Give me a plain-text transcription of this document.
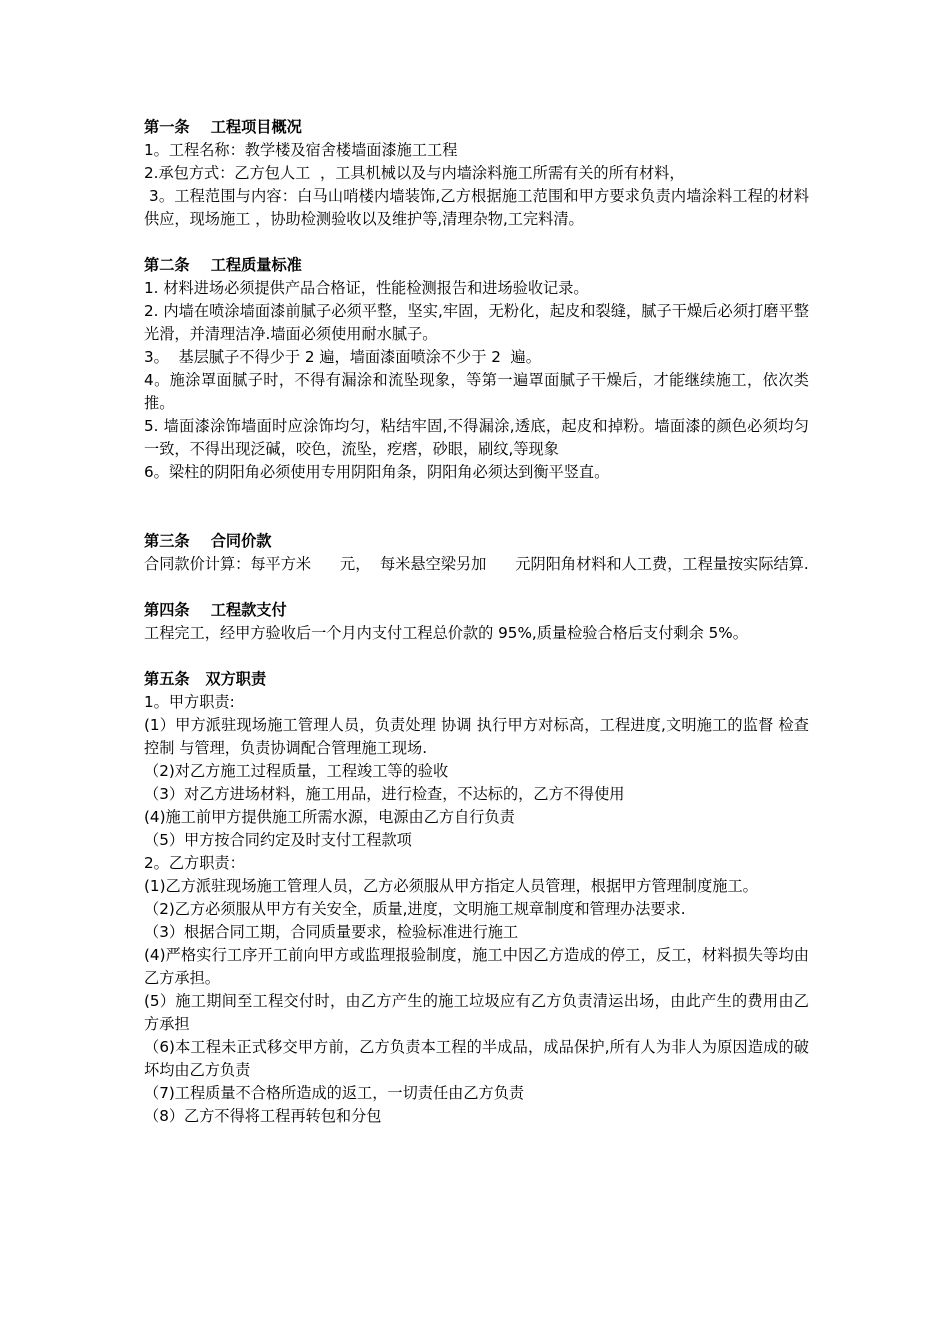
第一条    工程项目概况
1。工程名称：教学楼及宿舍楼墙面漆施工工程
2.承包方式：乙方包人工  ，工具机械以及与内墙涂料施工所需有关的所有材料，
3。工程范围与内容：白马山哨楼内墙装饰,乙方根据施工范围和甲方要求负责内墙涂料工程的材料供应，现场施工 ，协助检测验收以及维护等,清理杂物,工完料清。
第二条    工程质量标准
1. 材料进场必须提供产品合格证，性能检测报告和进场验收记录。
2. 内墙在喷涂墙面漆前腻子必须平整，坚实,牢固，无粉化，起皮和裂缝，腻子干燥后必须打磨平整光滑，并清理洁净.墙面必须使用耐水腻子。
3。  基层腻子不得少于 2 遍，墙面漆面喷涂不少于 2  遍。
4。施涂罩面腻子时，不得有漏涂和流坠现象，等第一遍罩面腻子干燥后，才能继续施工，依次类推。
5. 墙面漆涂饰墙面时应涂饰均匀，粘结牢固,不得漏涂,透底，起皮和掉粉。墙面漆的颜色必须均匀一致，不得出现泛碱，咬色，流坠，疙瘩，砂眼，刷纹,等现象
6。梁柱的阴阳角必须使用专用阴阳角条，阴阳角必须达到衡平竖直。
第三条    合同价款
合同款价计算：每平方米      元，  每米悬空梁另加      元阴阳角材料和人工费，工程量按实际结算.
第四条    工程款支付
工程完工，经甲方验收后一个月内支付工程总价款的 95%,质量检验合格后支付剩余 5%。
第五条   双方职责
1。甲方职责:
(1）甲方派驻现场施工管理人员，负责处理 协调 执行甲方对标高，工程进度,文明施工的监督 检查 控制 与管理，负责协调配合管理施工现场.
（2)对乙方施工过程质量，工程竣工等的验收
（3）对乙方进场材料，施工用品，进行检查，不达标的，乙方不得使用
(4)施工前甲方提供施工所需水源，电源由乙方自行负责
（5）甲方按合同约定及时支付工程款项
2。乙方职责：
(1)乙方派驻现场施工管理人员，乙方必须服从甲方指定人员管理，根据甲方管理制度施工。
（2)乙方必须服从甲方有关安全，质量,进度，文明施工规章制度和管理办法要求.
（3）根据合同工期，合同质量要求，检验标准进行施工
(4)严格实行工序开工前向甲方或监理报验制度，施工中因乙方造成的停工，反工，材料损失等均由乙方承担。
(5）施工期间至工程交付时，由乙方产生的施工垃圾应有乙方负责清运出场，由此产生的费用由乙方承担
（6)本工程未正式移交甲方前，乙方负责本工程的半成品，成品保护,所有人为非人为原因造成的破坏均由乙方负责
（7)工程质量不合格所造成的返工，一切责任由乙方负责
（8）乙方不得将工程再转包和分包
